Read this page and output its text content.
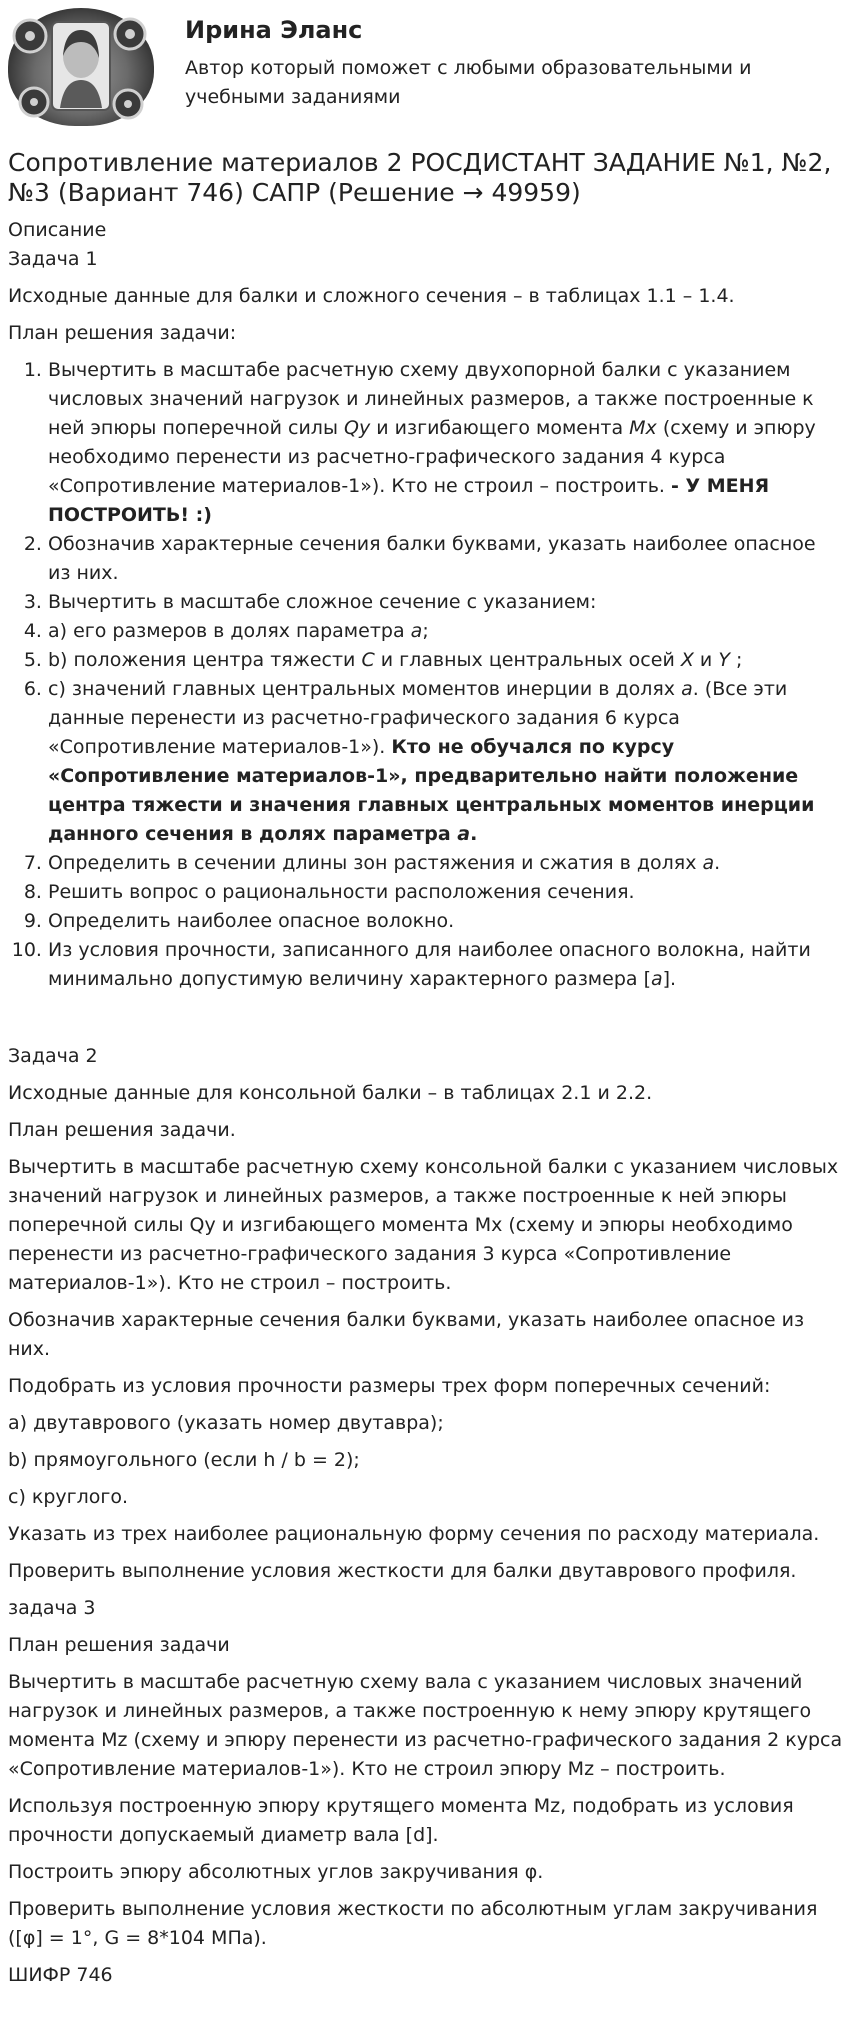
Ирина Эланс
Автор который поможет с любыми образовательными и учебными заданиями
Сопротивление материалов 2 РОСДИСТАНТ ЗАДАНИЕ №1, №2, №3 (Вариант 746) САПР (Решение → 49959)
Описание
Задача 1

Исходные данные для балки и сложного сечения – в таблицах 1.1 – 1.4.

План решения задачи:

1. Вычертить в масштабе расчетную схему двухопорной балки с указанием числовых значений нагрузок и линейных размеров, а также построенные к ней эпюры поперечной силы Qy и изгибающего момента Мх (схему и эпюру необходимо перенести из расчетно-графического задания 4 курса «Сопротивление материалов-1»). Кто не строил – построить. - У МЕНЯ ПОСТРОИТЬ! :)
2. Обозначив характерные сечения балки буквами, указать наиболее опасное из них.
3. Вычертить в масштабе сложное сечение с указанием:
4. а) его размеров в долях параметра а;
5. b) положения центра тяжести С и главных центральных осей Х и Y ;
6. с) значений главных центральных моментов инерции в долях а. (Все эти данные перенести из расчетно-графического задания 6 курса «Сопротивление материалов-1»). Кто не обучался по курсу «Сопротивление материалов-1», предварительно найти положение центра тяжести и значения главных центральных моментов инерции данного сечения в долях параметра a.
7. Определить в сечении длины зон растяжения и сжатия в долях а.
8. Решить вопрос о рациональности расположения сечения.
9. Определить наиболее опасное волокно.
10. Из условия прочности, записанного для наиболее опасного волокна, найти минимально допустимую величину характерного размера [а].
Задача 2

Исходные данные для консольной балки – в таблицах 2.1 и 2.2.

План решения задачи.

Вычертить в масштабе расчетную схему консольной балки с указанием числовых значений нагрузок и линейных размеров, а также построенные к ней эпюры поперечной силы Qy и изгибающего момента Mx (схему и эпюры необходимо перенести из расчетно-графического задания 3 курса «Сопротивление материалов-1»). Кто не строил – построить.

Обозначив характерные сечения балки буквами, указать наиболее опасное из них.

Подобрать из условия прочности размеры трех форм поперечных сечений:

а) двутаврового (указать номер двутавра);

b) прямоугольного (если h / b = 2);

с) круглого.

Указать из трех наиболее рациональную форму сечения по расходу материала.

Проверить выполнение условия жесткости для балки двутаврового профиля.

задача 3

План решения задачи

Вычертить в масштабе расчетную схему вала с указанием числовых значений нагрузок и линейных размеров, а также построенную к нему эпюру крутящего момента Mz (схему и эпюру перенести из расчетно-графического задания 2 курса «Сопротивление материалов-1»). Кто не строил эпюру Mz – построить.

Используя построенную эпюру крутящего момента Mz, подобрать из условия прочности допускаемый диаметр вала [d].

Построить эпюру абсолютных углов закручивания φ.

Проверить выполнение условия жесткости по абсолютным углам закручивания ([φ] = 1°, G = 8*104 МПа).

ШИФР 746
